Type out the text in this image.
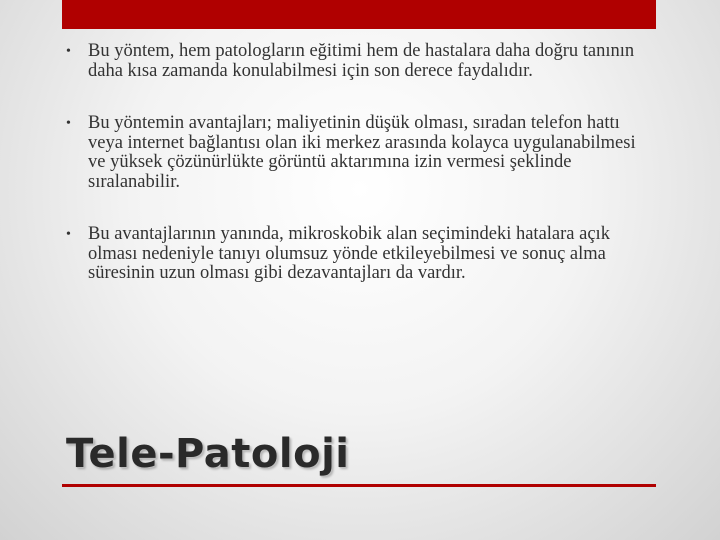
• Bu yöntem, hem patologların eğitimi hem de hastalara daha doğru tanının daha kısa zamanda konulabilmesi için son derece faydalıdır.
• Bu yöntemin avantajları; maliyetinin düşük olması, sıradan telefon hattı veya internet bağlantısı olan iki merkez arasında kolayca uygulanabilmesi ve yüksek çözünürlükte görüntü aktarımına izin vermesi şeklinde sıralanabilir.
• Bu avantajlarının yanında, mikroskobik alan seçimindeki hatalara açık olması nedeniyle tanıyı olumsuz yönde etkileyebilmesi ve sonuç alma süresinin uzun olması gibi dezavantajları da vardır.
Tele-Patoloji
